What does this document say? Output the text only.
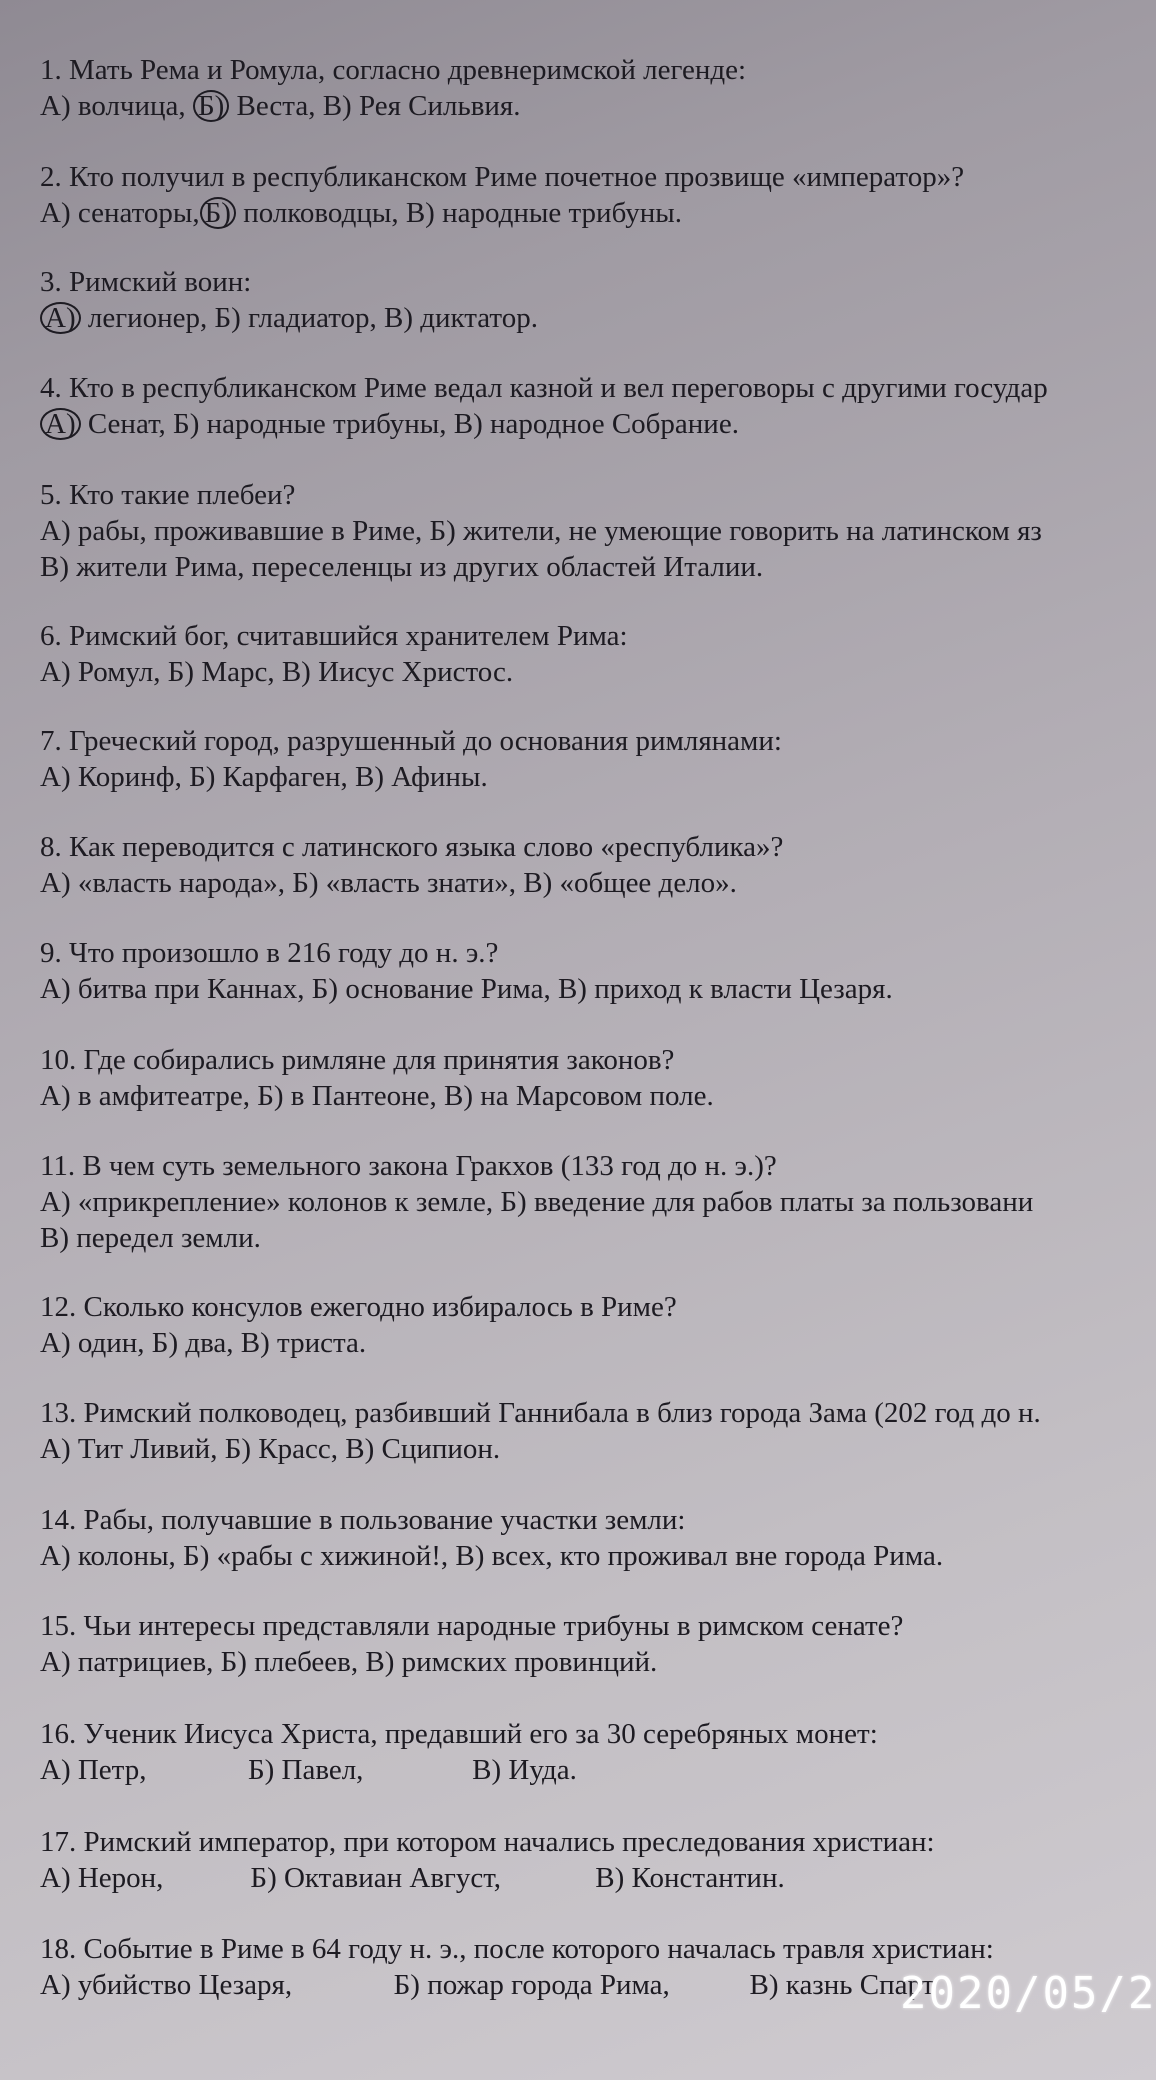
1. Мать Рема и Ромула, согласно древнеримской легенде:
А) волчица, Б) Веста, В) Рея Сильвия.
2. Кто получил в республиканском Риме почетное прозвище «император»?
А) сенаторы, Б) полководцы, В) народные трибуны.
3. Римский воин:
А) легионер, Б) гладиатор, В) диктатор.
4. Кто в республиканском Риме ведал казной и вел переговоры с другими государ
А) Сенат, Б) народные трибуны, В) народное Собрание.
5. Кто такие плебеи?
А) рабы, проживавшие в Риме, Б) жители, не умеющие говорить на латинском яз
В) жители Рима, переселенцы из других областей Италии.
6. Римский бог, считавшийся хранителем Рима:
А) Ромул, Б) Марс, В) Иисус Христос.
7. Греческий город, разрушенный до основания римлянами:
А) Коринф, Б) Карфаген, В) Афины.
8. Как переводится с латинского языка слово «республика»?
А) «власть народа», Б) «власть знати», В) «общее дело».
9. Что произошло в 216 году до н. э.?
А) битва при Каннах, Б) основание Рима, В) приход к власти Цезаря.
10. Где собирались римляне для принятия законов?
А) в амфитеатре, Б) в Пантеоне, В) на Марсовом поле.
11. В чем суть земельного закона Гракхов (133 год до н. э.)?
А) «прикрепление» колонов к земле, Б) введение для рабов платы за пользовани
В) передел земли.
12. Сколько консулов ежегодно избиралось в Риме?
А) один, Б) два, В) триста.
13. Римский полководец, разбивший Ганнибала в близ города Зама (202 год до н.
А) Тит Ливий, Б) Красс, В) Сципион.
14. Рабы, получавшие в пользование участки земли:
А) колоны, Б) «рабы с хижиной!, В) всех, кто проживал вне города Рима.
15. Чьи интересы представляли народные трибуны в римском сенате?
А) патрициев, Б) плебеев, В) римских провинций.
16. Ученик Иисуса Христа, предавший его за 30 серебряных монет:
А) Петр,              Б) Павел,               В) Иуда.
17. Римский император, при котором начались преследования христиан:
А) Нерон,            Б) Октавиан Август,             В) Константин.
18. Событие в Риме в 64 году н. э., после которого началась травля христиан:
А) убийство Цезаря,              Б) пожар города Рима,           В) казнь Спарт
2020/05/2
